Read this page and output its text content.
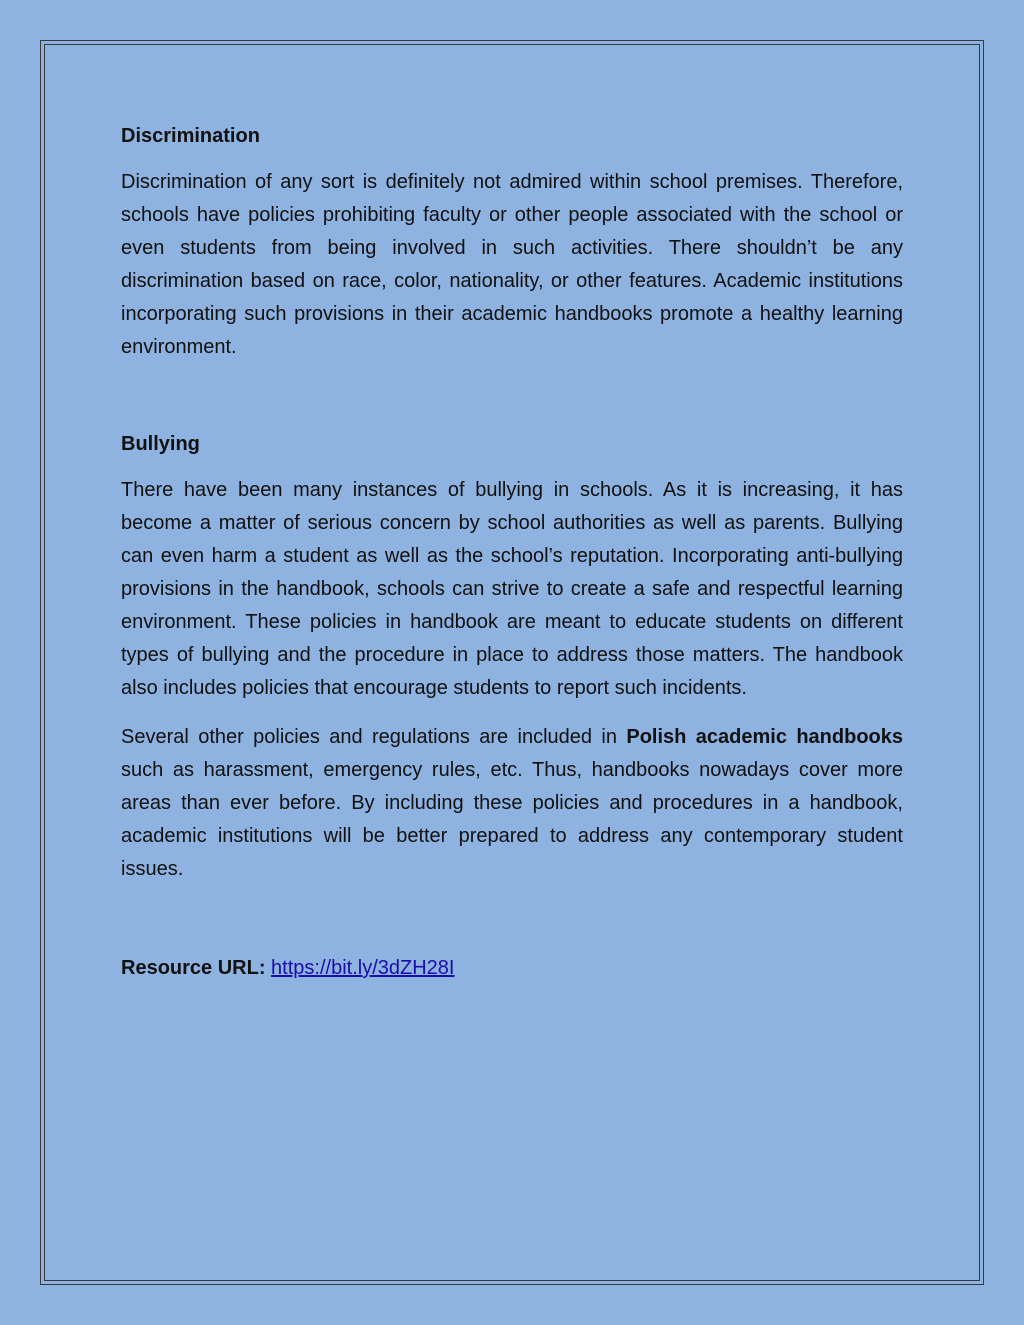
Discrimination

Discrimination of any sort is definitely not admired within school premises. Therefore, schools have policies prohibiting faculty or other people associated with the school or even students from being involved in such activities. There shouldn’t be any discrimination based on race, color, nationality, or other features. Academic institutions incorporating such provisions in their academic handbooks promote a healthy learning environment.

Bullying

There have been many instances of bullying in schools. As it is increasing, it has become a matter of serious concern by school authorities as well as parents. Bullying can even harm a student as well as the school’s reputation. Incorporating anti-bullying provisions in the handbook, schools can strive to create a safe and respectful learning environment. These policies in handbook are meant to educate students on different types of bullying and the procedure in place to address those matters. The handbook also includes policies that encourage students to report such incidents.

Several other policies and regulations are included in Polish academic handbooks such as harassment, emergency rules, etc. Thus, handbooks nowadays cover more areas than ever before. By including these policies and procedures in a handbook, academic institutions will be better prepared to address any contemporary student issues.

Resource URL: https://bit.ly/3dZH28I
